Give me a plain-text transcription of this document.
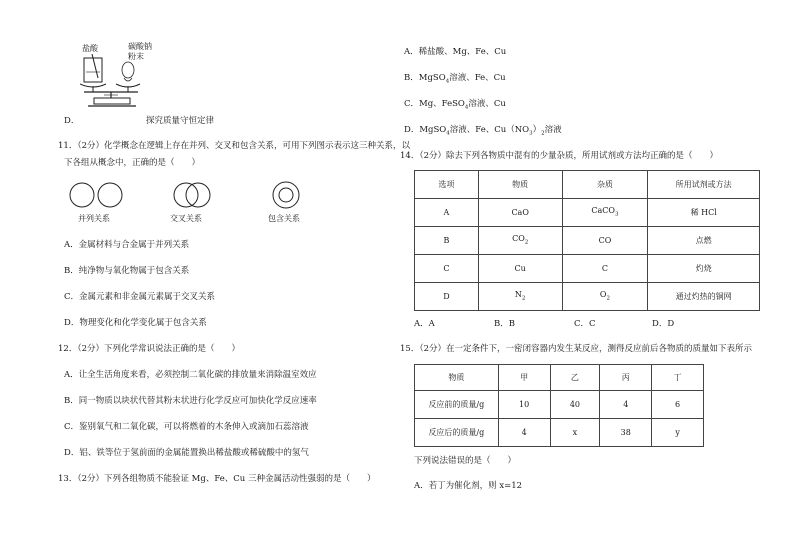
盐酸	碳酸钠
粉末
D．	探究质量守恒定律
11．（2分）化学概念在逻辑上存在并列、交叉和包含关系，可用下列图示表示这三种关系，以
下各组从概念中，正确的是（　　）
并列关系	交叉关系	包含关系
A．金属材料与合金属于并列关系
B．纯净物与氧化物属于包含关系
C．金属元素和非金属元素属于交叉关系
D．物理变化和化学变化属于包含关系
12．（2分）下列化学常识说法正确的是（　　）
A．让全生活角度来看，必须控制二氧化碳的排放量来消除温室效应
B．同一物质以块状代替其粉末状进行化学反应可加快化学反应速率
C．鉴别氧气和二氧化碳，可以将燃着的木条伸入或滴加石蕊溶液
D．铝、铁等位于氢前面的金属能置换出稀盐酸或稀硫酸中的氢气
13．（2分）下列各组物质不能验证 Mg、Fe、Cu 三种金属活动性强弱的是（　　）
A．稀盐酸、Mg、Fe、Cu
B．MgSO$_4$溶液、Fe、Cu
C．Mg、FeSO$_4$溶液、Cu
D．MgSO$_4$溶液、Fe、$Cu(NO_3)_2$溶液
14．（2分）除去下列各物质中混有的少量杂质，所用试剂或方法均正确的是（　　）
选项	物质	杂质	所用试剂或方法
A	CaO	CaCO$_3$	稀 HCl
B	$CO_2$	CO	点燃
C	Cu	C	灼烧
D	$N_2$	$O_2$	通过灼热的铜网
A．A	B．B	C．C	D．D
15．（2分）在一定条件下，一密闭容器内发生某反应，测得反应前后各物质的质量如下表所示
物质	甲	乙	丙	丁
反应前的质量/g	10	40	4	6
反应后的质量/g	4	x	38	y
下列说法错误的是（　　）
A．若丁为催化剂，则 x=12
